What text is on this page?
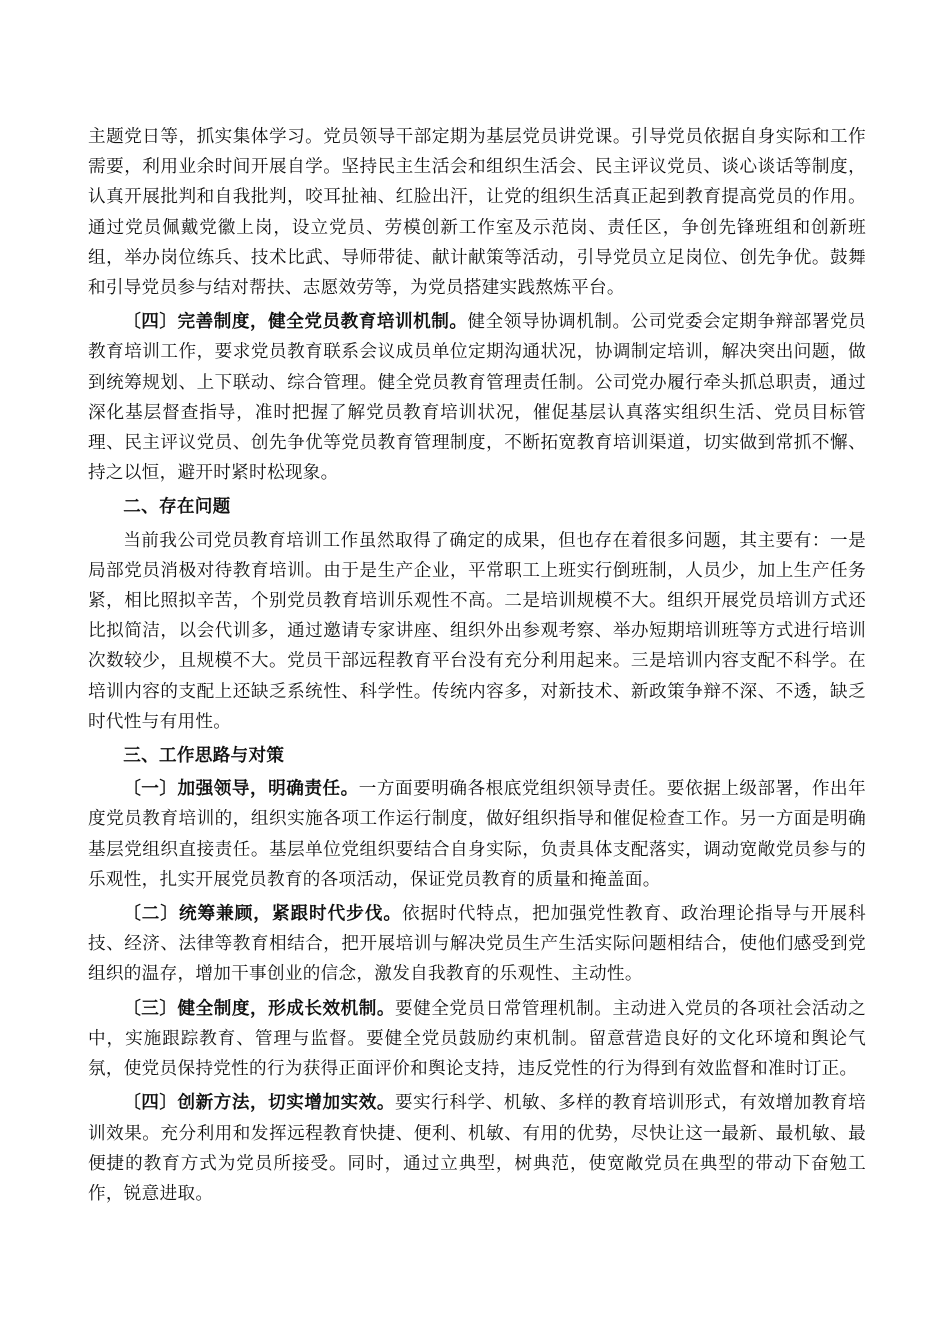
主题党日等，抓实集体学习。党员领导干部定期为基层党员讲党课。引导党员依据自身实际和工作需要，利用业余时间开展自学。坚持民主生活会和组织生活会、民主评议党员、谈心谈话等制度，认真开展批判和自我批判，咬耳扯袖、红脸出汗，让党的组织生活真正起到教育提高党员的作用。通过党员佩戴党徽上岗，设立党员、劳模创新工作室及示范岗、责任区，争创先锋班组和创新班组，举办岗位练兵、技术比武、导师带徒、献计献策等活动，引导党员立足岗位、创先争优。鼓舞和引导党员参与结对帮扶、志愿效劳等，为党员搭建实践熬炼平台。

〔四〕完善制度，健全党员教育培训机制。健全领导协调机制。公司党委会定期争辩部署党员教育培训工作，要求党员教育联系会议成员单位定期沟通状况，协调制定培训，解决突出问题，做到统筹规划、上下联动、综合管理。健全党员教育管理责任制。公司党办履行牵头抓总职责，通过深化基层督查指导，准时把握了解党员教育培训状况，催促基层认真落实组织生活、党员目标管理、民主评议党员、创先争优等党员教育管理制度，不断拓宽教育培训渠道，切实做到常抓不懈、持之以恒，避开时紧时松现象。

二、存在问题

当前我公司党员教育培训工作虽然取得了确定的成果，但也存在着很多问题，其主要有：一是局部党员消极对待教育培训。由于是生产企业，平常职工上班实行倒班制，人员少，加上生产任务紧，相比照拟辛苦，个别党员教育培训乐观性不高。二是培训规模不大。组织开展党员培训方式还比拟简洁，以会代训多，通过邀请专家讲座、组织外出参观考察、举办短期培训班等方式进行培训次数较少，且规模不大。党员干部远程教育平台没有充分利用起来。三是培训内容支配不科学。在培训内容的支配上还缺乏系统性、科学性。传统内容多，对新技术、新政策争辩不深、不透，缺乏时代性与有用性。

三、工作思路与对策

〔一〕加强领导，明确责任。一方面要明确各根底党组织领导责任。要依据上级部署，作出年度党员教育培训的，组织实施各项工作运行制度，做好组织指导和催促检查工作。另一方面是明确基层党组织直接责任。基层单位党组织要结合自身实际，负责具体支配落实，调动宽敞党员参与的乐观性，扎实开展党员教育的各项活动，保证党员教育的质量和掩盖面。

〔二〕统筹兼顾，紧跟时代步伐。依据时代特点，把加强党性教育、政治理论指导与开展科技、经济、法律等教育相结合，把开展培训与解决党员生产生活实际问题相结合，使他们感受到党组织的温存，增加干事创业的信念，激发自我教育的乐观性、主动性。

〔三〕健全制度，形成长效机制。要健全党员日常管理机制。主动进入党员的各项社会活动之中，实施跟踪教育、管理与监督。要健全党员鼓励约束机制。留意营造良好的文化环境和舆论气氛，使党员保持党性的行为获得正面评价和舆论支持，违反党性的行为得到有效监督和准时订正。

〔四〕创新方法，切实增加实效。要实行科学、机敏、多样的教育培训形式，有效增加教育培训效果。充分利用和发挥远程教育快捷、便利、机敏、有用的优势，尽快让这一最新、最机敏、最便捷的教育方式为党员所接受。同时，通过立典型，树典范，使宽敞党员在典型的带动下奋勉工作，锐意进取。
